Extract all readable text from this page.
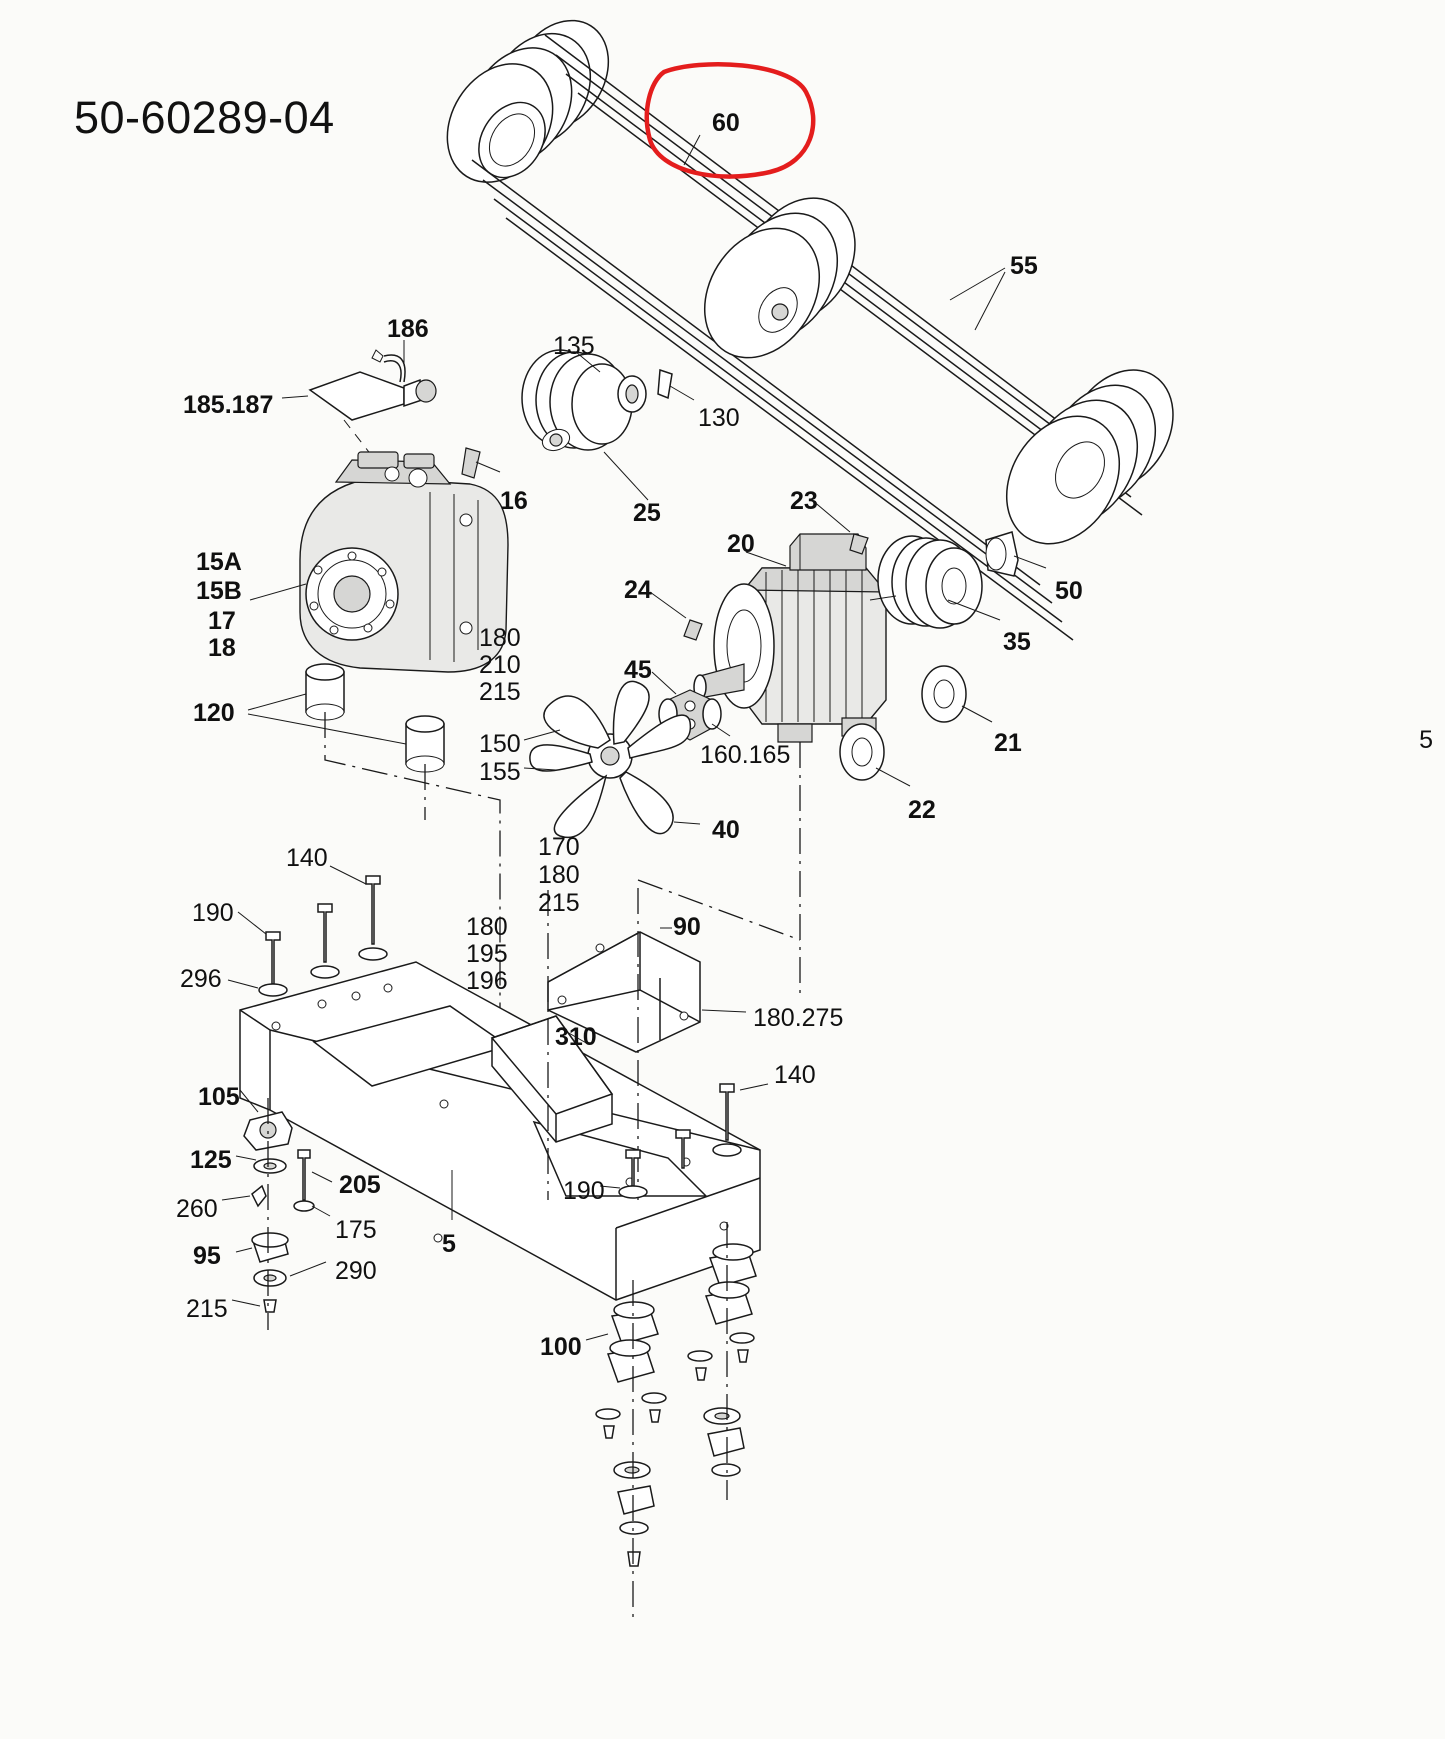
50-60289-04
5
60
55
186
135
185.187	130
16	25	23
20
15A
15B
17
18
50
24
35
180
210
215
45
120
21
150	160.165
155
22
40
170
180
140
215
190	180	90
195
196
296
180.275
310
140
105
125
190
205
260
175	5
95
290
215
100
